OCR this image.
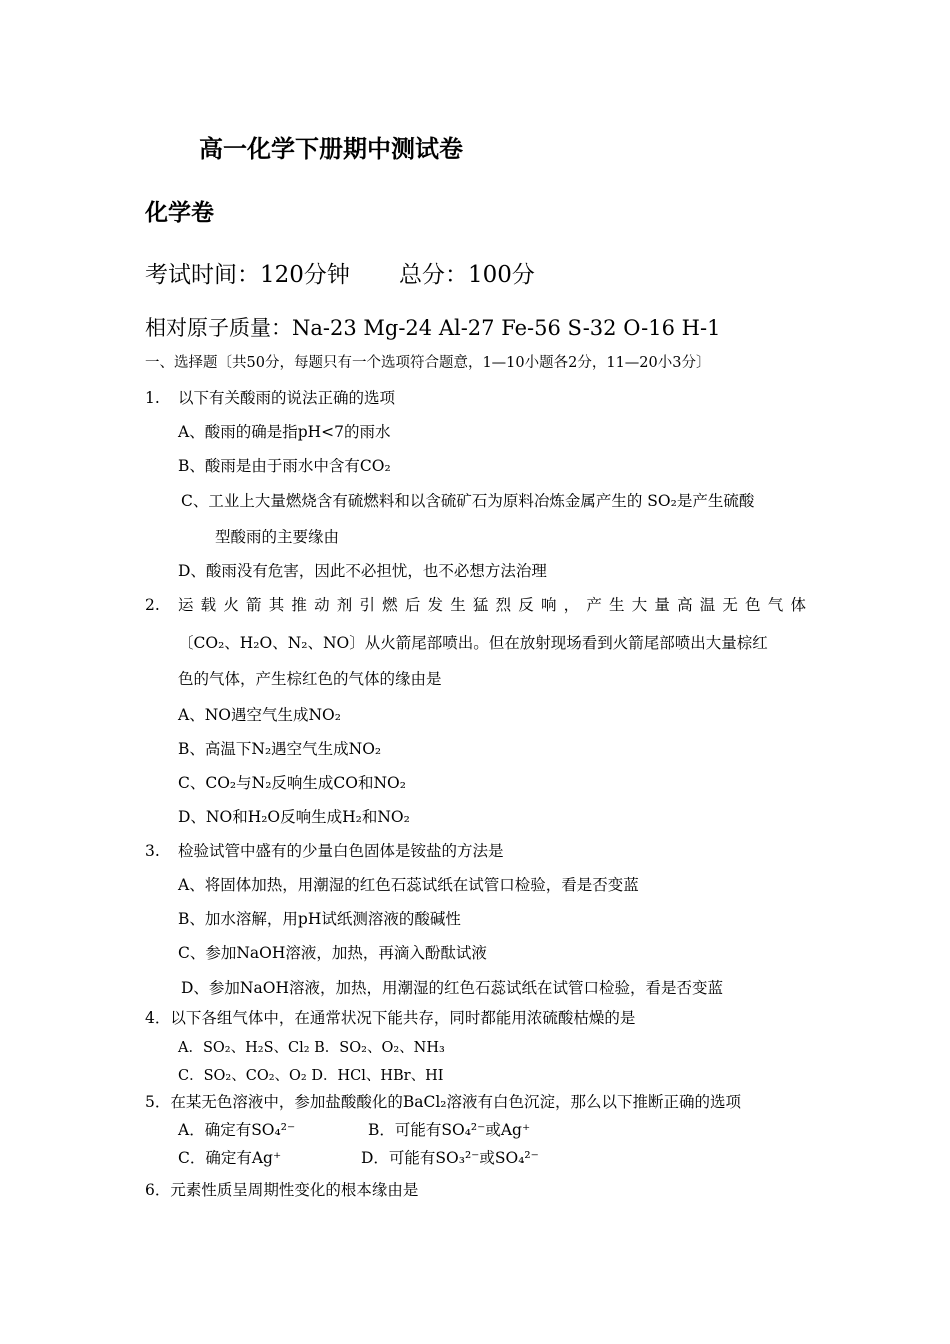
高一化学下册期中测试卷
化学卷
考试时间：120分钟 总分：100分
相对原子质量：Na-23 Mg-24 Al-27 Fe-56 S-32 O-16 H-1
一、选择题〔共50分，每题只有一个选项符合题意，1—10小题各2分，11—20小3分〕
1. 以下有关酸雨的说法正确的选项
A、酸雨的确是指pH<7的雨水
B、酸雨是由于雨水中含有CO₂
C、工业上大量燃烧含有硫燃料和以含硫矿石为原料冶炼金属产生的 SO₂是产生硫酸
型酸雨的主要缘由
D、酸雨没有危害，因此不必担忧，也不必想方法治理
2. 运载火箭其推动剂引燃后发生猛烈反响，产生大量高温无色气体
〔CO₂、H₂O、N₂、NO〕从火箭尾部喷出。但在放射现场看到火箭尾部喷出大量棕红
色的气体，产生棕红色的气体的缘由是
A、NO遇空气生成NO₂
B、高温下N₂遇空气生成NO₂
C、CO₂与N₂反响生成CO和NO₂
D、NO和H₂O反响生成H₂和NO₂
3. 检验试管中盛有的少量白色固体是铵盐的方法是
A、将固体加热，用潮湿的红色石蕊试纸在试管口检验，看是否变蓝
B、加水溶解，用pH试纸测溶液的酸碱性
C、参加NaOH溶液，加热，再滴入酚酞试液
D、参加NaOH溶液，加热，用潮湿的红色石蕊试纸在试管口检验，看是否变蓝
4．以下各组气体中，在通常状况下能共存，同时都能用浓硫酸枯燥的是
A．SO₂、H₂S、Cl₂ B．SO₂、O₂、NH₃
C．SO₂、CO₂、O₂ D．HCl、HBr、HI
5．在某无色溶液中，参加盐酸酸化的BaCl₂溶液有白色沉淀，那么以下推断正确的选项
A．确定有SO₄²⁻	B．可能有SO₄²⁻或Ag⁺
C．确定有Ag⁺	D．可能有SO₃²⁻或SO₄²⁻
6．元素性质呈周期性变化的根本缘由是
